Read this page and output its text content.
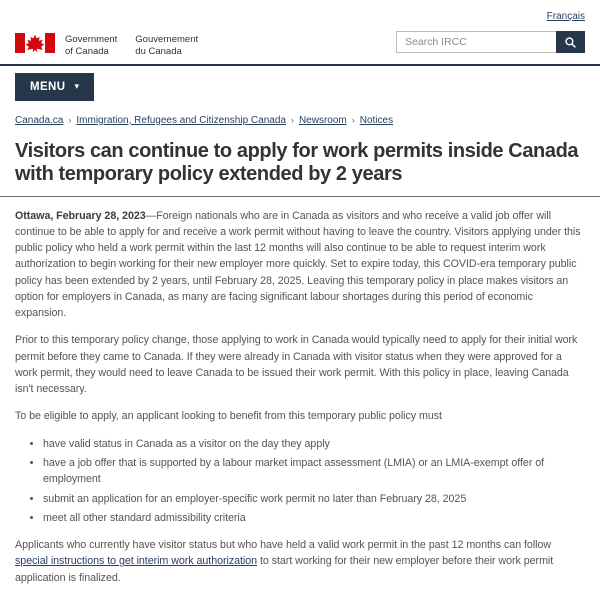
Français
Government
of Canada
Gouvernement
du Canada
Search IRCC
MENU ▾
Canada.ca › Immigration, Refugees and Citizenship Canada › Newsroom › Notices
Visitors can continue to apply for work permits inside Canada with temporary policy extended by 2 years

Ottawa, February 28, 2023—Foreign nationals who are in Canada as visitors and who receive a valid job offer will continue to be able to apply for and receive a work permit without having to leave the country. Visitors applying under this public policy who held a work permit within the last 12 months will also continue to be able to request interim work authorization to begin working for their new employer more quickly. Set to expire today, this COVID-era temporary public policy has been extended by 2 years, until February 28, 2025. Leaving this temporary policy in place makes visitors an option for employers in Canada, as many are facing significant labour shortages during this period of economic expansion.

Prior to this temporary policy change, those applying to work in Canada would typically need to apply for their initial work permit before they came to Canada. If they were already in Canada with visitor status when they were approved for a work permit, they would need to leave Canada to be issued their work permit. With this policy in place, leaving Canada isn't necessary.

To be eligible to apply, an applicant looking to benefit from this temporary public policy must

• have valid status in Canada as a visitor on the day they apply
• have a job offer that is supported by a labour market impact assessment (LMIA) or an LMIA-exempt offer of employment
• submit an application for an employer-specific work permit no later than February 28, 2025
• meet all other standard admissibility criteria

Applicants who currently have visitor status but who have held a valid work permit in the past 12 months can follow special instructions to get interim work authorization to start working for their new employer before their work permit application is finalized.
